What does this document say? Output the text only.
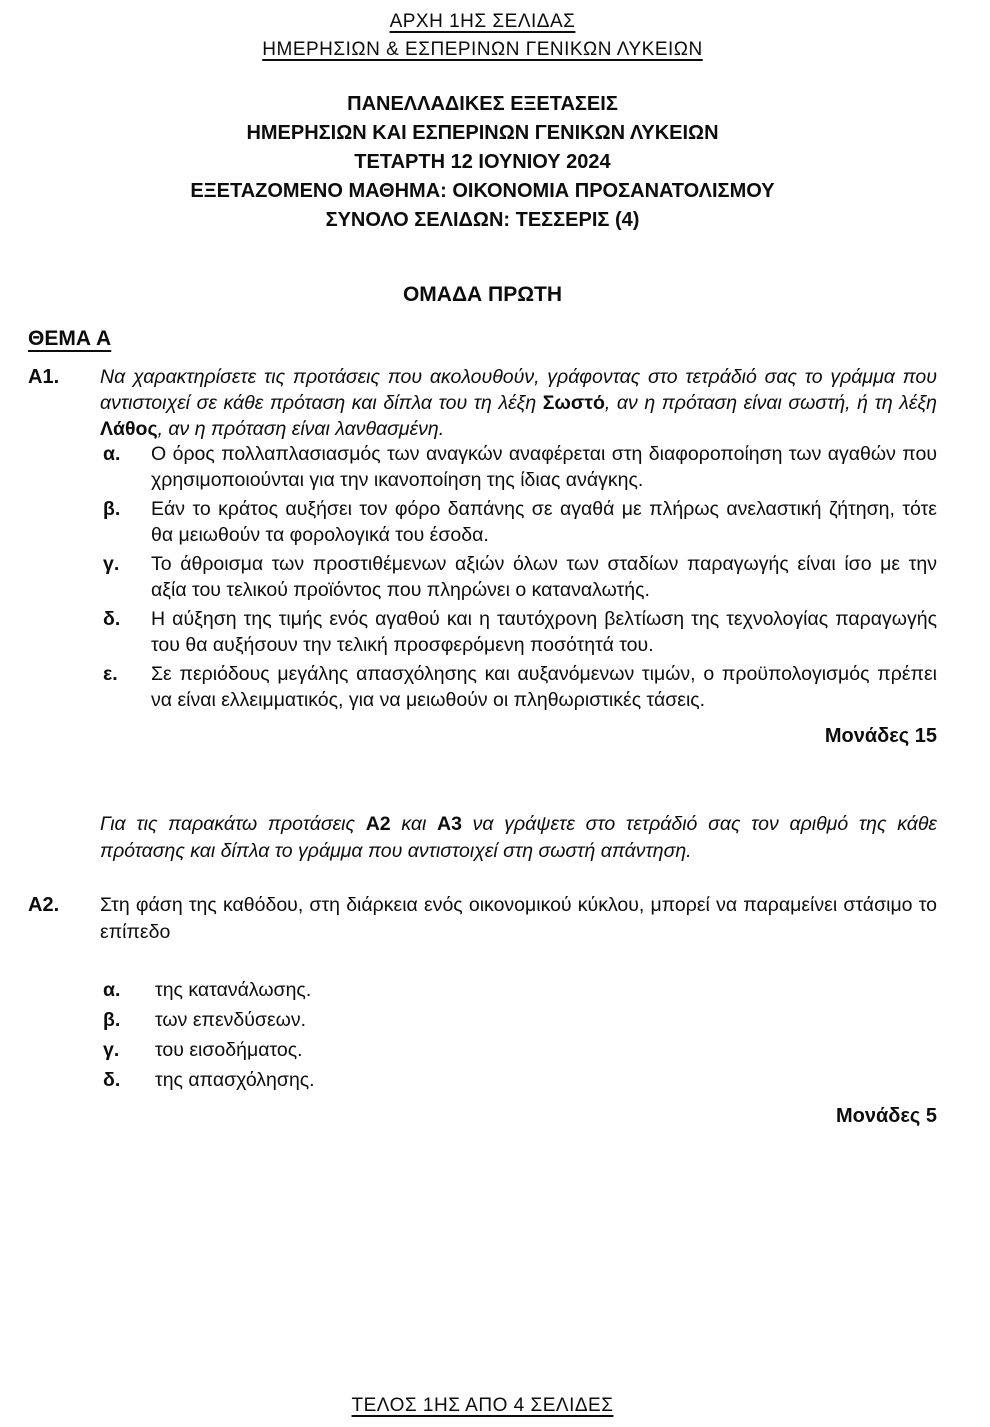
ΑΡΧΗ 1ΗΣ ΣΕΛΙΔΑΣ
ΗΜΕΡΗΣΙΩΝ & ΕΣΠΕΡΙΝΩΝ ΓΕΝΙΚΩΝ ΛΥΚΕΙΩΝ
ΠΑΝΕΛΛΑΔΙΚΕΣ ΕΞΕΤΑΣΕΙΣ
ΗΜΕΡΗΣΙΩΝ ΚΑΙ ΕΣΠΕΡΙΝΩΝ ΓΕΝΙΚΩΝ ΛΥΚΕΙΩΝ
ΤΕΤΑΡΤΗ 12 ΙΟΥΝΙΟΥ 2024
ΕΞΕΤΑΖΟΜΕΝΟ ΜΑΘΗΜΑ: ΟΙΚΟΝΟΜΙΑ ΠΡΟΣΑΝΑΤΟΛΙΣΜΟΥ
ΣΥΝΟΛΟ ΣΕΛΙΔΩΝ: ΤΕΣΣΕΡΙΣ (4)
ΟΜΑΔΑ ΠΡΩΤΗ
ΘΕΜΑ Α
Α1.	Να χαρακτηρίσετε τις προτάσεις που ακολουθούν, γράφοντας στο τετράδιό σας το γράμμα που αντιστοιχεί σε κάθε πρόταση και δίπλα του τη λέξη Σωστό, αν η πρόταση είναι σωστή, ή τη λέξη Λάθος, αν η πρόταση είναι λανθασμένη.

α.	Ο όρος πολλαπλασιασμός των αναγκών αναφέρεται στη διαφοροποίηση των αγαθών που χρησιμοποιούνται για την ικανοποίηση της ίδιας ανάγκης.
β.	Εάν το κράτος αυξήσει τον φόρο δαπάνης σε αγαθά με πλήρως ανελαστική ζήτηση, τότε θα μειωθούν τα φορολογικά του έσοδα.
γ.	Το άθροισμα των προστιθέμενων αξιών όλων των σταδίων παραγωγής είναι ίσο με την αξία του τελικού προϊόντος που πληρώνει ο καταναλωτής.
δ.	Η αύξηση της τιμής ενός αγαθού και η ταυτόχρονη βελτίωση της τεχνολογίας παραγωγής του θα αυξήσουν την τελική προσφερόμενη ποσότητά του.
ε.	Σε περιόδους μεγάλης απασχόλησης και αυξανόμενων τιμών, ο προϋπολογισμός πρέπει να είναι ελλειμματικός, για να μειωθούν οι πληθωριστικές τάσεις.
Μονάδες 15

Για τις παρακάτω προτάσεις Α2 και Α3 να γράψετε στο τετράδιό σας τον αριθμό της κάθε πρότασης και δίπλα το γράμμα που αντιστοιχεί στη σωστή απάντηση.

Α2.	Στη φάση της καθόδου, στη διάρκεια ενός οικονομικού κύκλου, μπορεί να παραμείνει στάσιμο το επίπεδο
α.	της κατανάλωσης.
β.	των επενδύσεων.
γ.	του εισοδήματος.
δ.	της απασχόλησης.
Μονάδες 5
ΤΕΛΟΣ 1ΗΣ ΑΠΟ 4 ΣΕΛΙΔΕΣ
